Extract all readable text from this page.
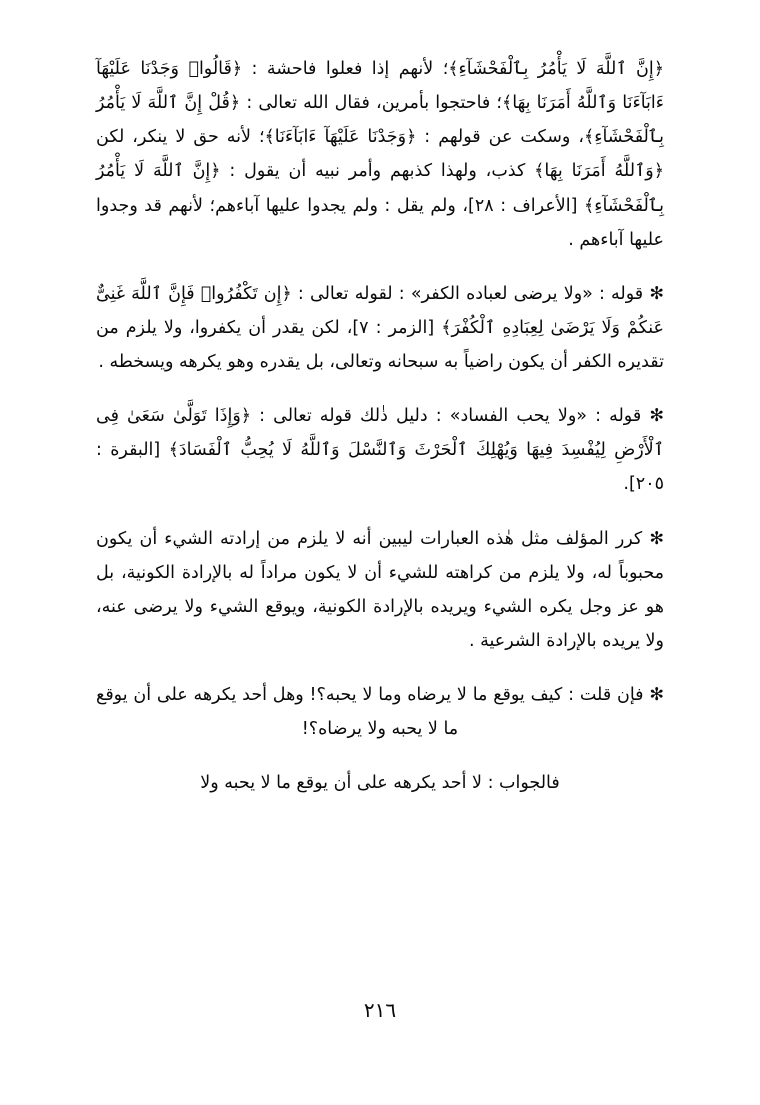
﴿إِنَّ ٱللَّهَ لَا يَأْمُرُ بِٱلْفَحْشَآءِ﴾؛ لأنهم إذا فعلوا فاحشة : ﴿قَالُوا۟ وَجَدْنَا عَلَيْهَآ ءَابَآءَنَا وَٱللَّهُ أَمَرَنَا بِهَا﴾؛ فاحتجوا بأمرين، فقال الله تعالى : ﴿قُلْ إِنَّ ٱللَّهَ لَا يَأْمُرُ بِٱلْفَحْشَآءِ﴾، وسكت عن قولهم : ﴿وَجَدْنَا عَلَيْهَآ ءَابَآءَنَا﴾؛ لأنه حق لا ينكر، لكن ﴿وَٱللَّهُ أَمَرَنَا بِهَا﴾ كذب، ولهذا كذبهم وأمر نبيه أن يقول : ﴿إِنَّ ٱللَّهَ لَا يَأْمُرُ بِٱلْفَحْشَآءِ﴾ [الأعراف : ٢٨]، ولم يقل : ولم يجدوا عليها آباءهم؛ لأنهم قد وجدوا عليها آباءهم .

✻ قوله : «ولا يرضى لعباده الكفر» : لقوله تعالى : ﴿إِن تَكْفُرُوا۟ فَإِنَّ ٱللَّهَ غَنِىٌّ عَنكُمْ وَلَا يَرْضَىٰ لِعِبَادِهِ ٱلْكُفْرَ﴾ [الزمر : ٧]، لكن يقدر أن يكفروا، ولا يلزم من تقديره الكفر أن يكون راضياً به سبحانه وتعالى، بل يقدره وهو يكرهه ويسخطه .

✻ قوله : «ولا يحب الفساد» : دليل ذٰلك قوله تعالى : ﴿وَإِذَا تَوَلَّىٰ سَعَىٰ فِى ٱلْأَرْضِ لِيُفْسِدَ فِيهَا وَيُهْلِكَ ٱلْحَرْثَ وَٱلنَّسْلَ وَٱللَّهُ لَا يُحِبُّ ٱلْفَسَادَ﴾ [البقرة : ٢٠٥].

✻ كرر المؤلف مثل هٰذه العبارات ليبين أنه لا يلزم من إرادته الشيء أن يكون محبوباً له، ولا يلزم من كراهته للشيء أن لا يكون مراداً له بالإرادة الكونية، بل هو عز وجل يكره الشيء ويريده بالإرادة الكونية، ويوقع الشيء ولا يرضى عنه، ولا يريده بالإرادة الشرعية .

✻ فإن قلت : كيف يوقع ما لا يرضاه وما لا يحبه؟! وهل أحد يكرهه على أن يوقع ما لا يحبه ولا يرضاه؟!

فالجواب : لا أحد يكرهه على أن يوقع ما لا يحبه ولا

٢١٦
